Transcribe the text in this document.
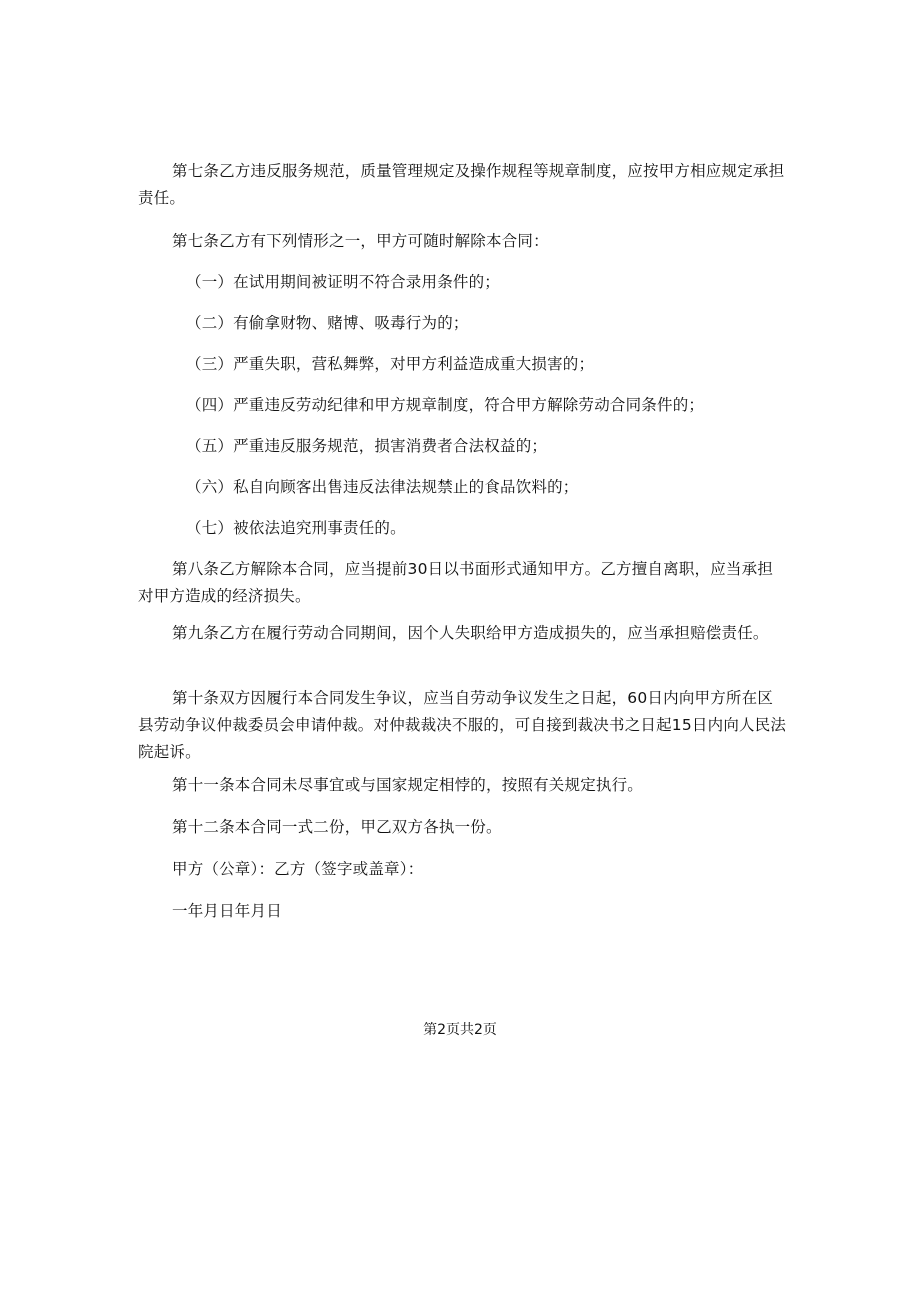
第七条乙方违反服务规范，质量管理规定及操作规程等规章制度，应按甲方相应规定承担责任。

第七条乙方有下列情形之一，甲方可随时解除本合同：

（一）在试用期间被证明不符合录用条件的；

（二）有偷拿财物、赌博、吸毒行为的；

（三）严重失职，营私舞弊，对甲方利益造成重大损害的；

（四）严重违反劳动纪律和甲方规章制度，符合甲方解除劳动合同条件的；

（五）严重违反服务规范，损害消费者合法权益的；

（六）私自向顾客出售违反法律法规禁止的食品饮料的；

（七）被依法追究刑事责任的。

第八条乙方解除本合同，应当提前30日以书面形式通知甲方。乙方擅自离职，应当承担对甲方造成的经济损失。

第九条乙方在履行劳动合同期间，因个人失职给甲方造成损失的，应当承担赔偿责任。

第十条双方因履行本合同发生争议，应当自劳动争议发生之日起，60日内向甲方所在区县劳动争议仲裁委员会申请仲裁。对仲裁裁决不服的，可自接到裁决书之日起15日内向人民法院起诉。

第十一条本合同未尽事宜或与国家规定相悖的，按照有关规定执行。

第十二条本合同一式二份，甲乙双方各执一份。

甲方（公章）：乙方（签字或盖章）：

一年月日年月日

第2页共2页
